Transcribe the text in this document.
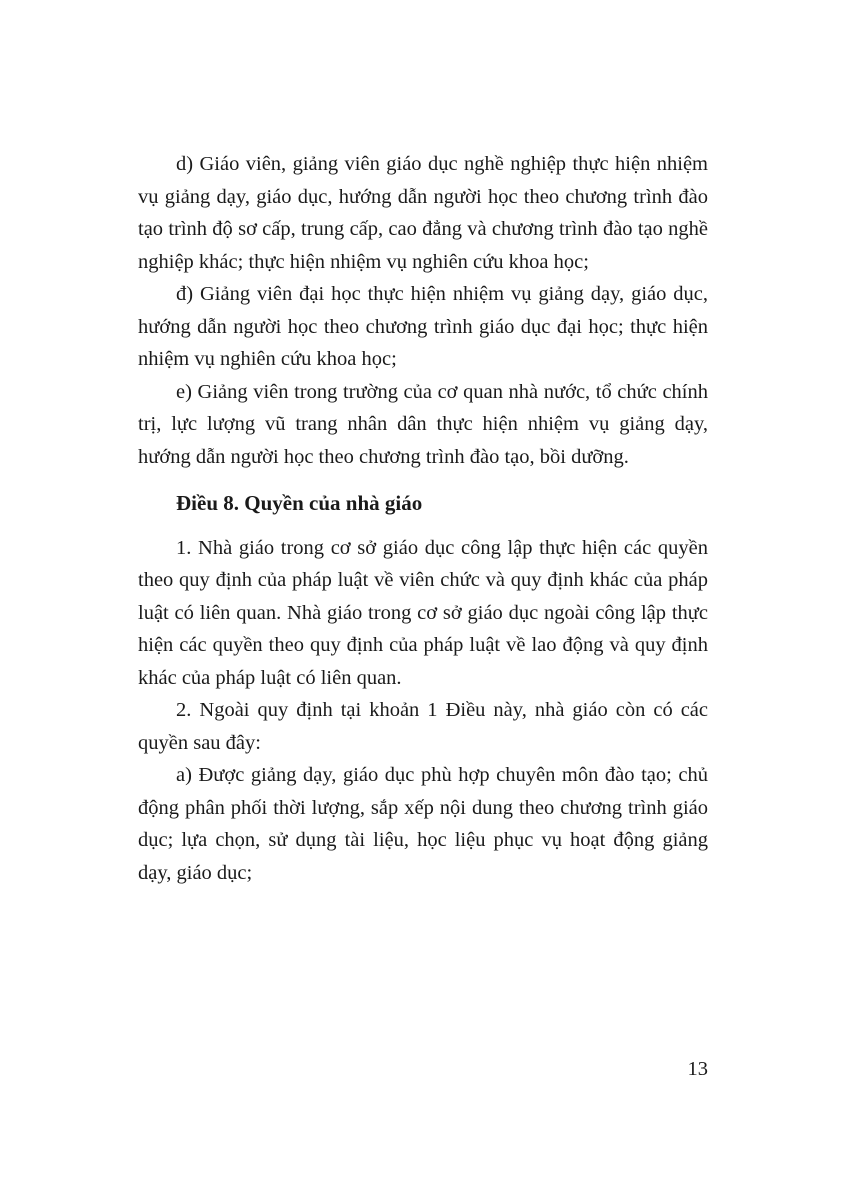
d) Giáo viên, giảng viên giáo dục nghề nghiệp thực hiện nhiệm vụ giảng dạy, giáo dục, hướng dẫn người học theo chương trình đào tạo trình độ sơ cấp, trung cấp, cao đẳng và chương trình đào tạo nghề nghiệp khác; thực hiện nhiệm vụ nghiên cứu khoa học;

đ) Giảng viên đại học thực hiện nhiệm vụ giảng dạy, giáo dục, hướng dẫn người học theo chương trình giáo dục đại học; thực hiện nhiệm vụ nghiên cứu khoa học;

e) Giảng viên trong trường của cơ quan nhà nước, tổ chức chính trị, lực lượng vũ trang nhân dân thực hiện nhiệm vụ giảng dạy, hướng dẫn người học theo chương trình đào tạo, bồi dưỡng.

Điều 8. Quyền của nhà giáo

1. Nhà giáo trong cơ sở giáo dục công lập thực hiện các quyền theo quy định của pháp luật về viên chức và quy định khác của pháp luật có liên quan. Nhà giáo trong cơ sở giáo dục ngoài công lập thực hiện các quyền theo quy định của pháp luật về lao động và quy định khác của pháp luật có liên quan.

2. Ngoài quy định tại khoản 1 Điều này, nhà giáo còn có các quyền sau đây:

a) Được giảng dạy, giáo dục phù hợp chuyên môn đào tạo; chủ động phân phối thời lượng, sắp xếp nội dung theo chương trình giáo dục; lựa chọn, sử dụng tài liệu, học liệu phục vụ hoạt động giảng dạy, giáo dục;

13
